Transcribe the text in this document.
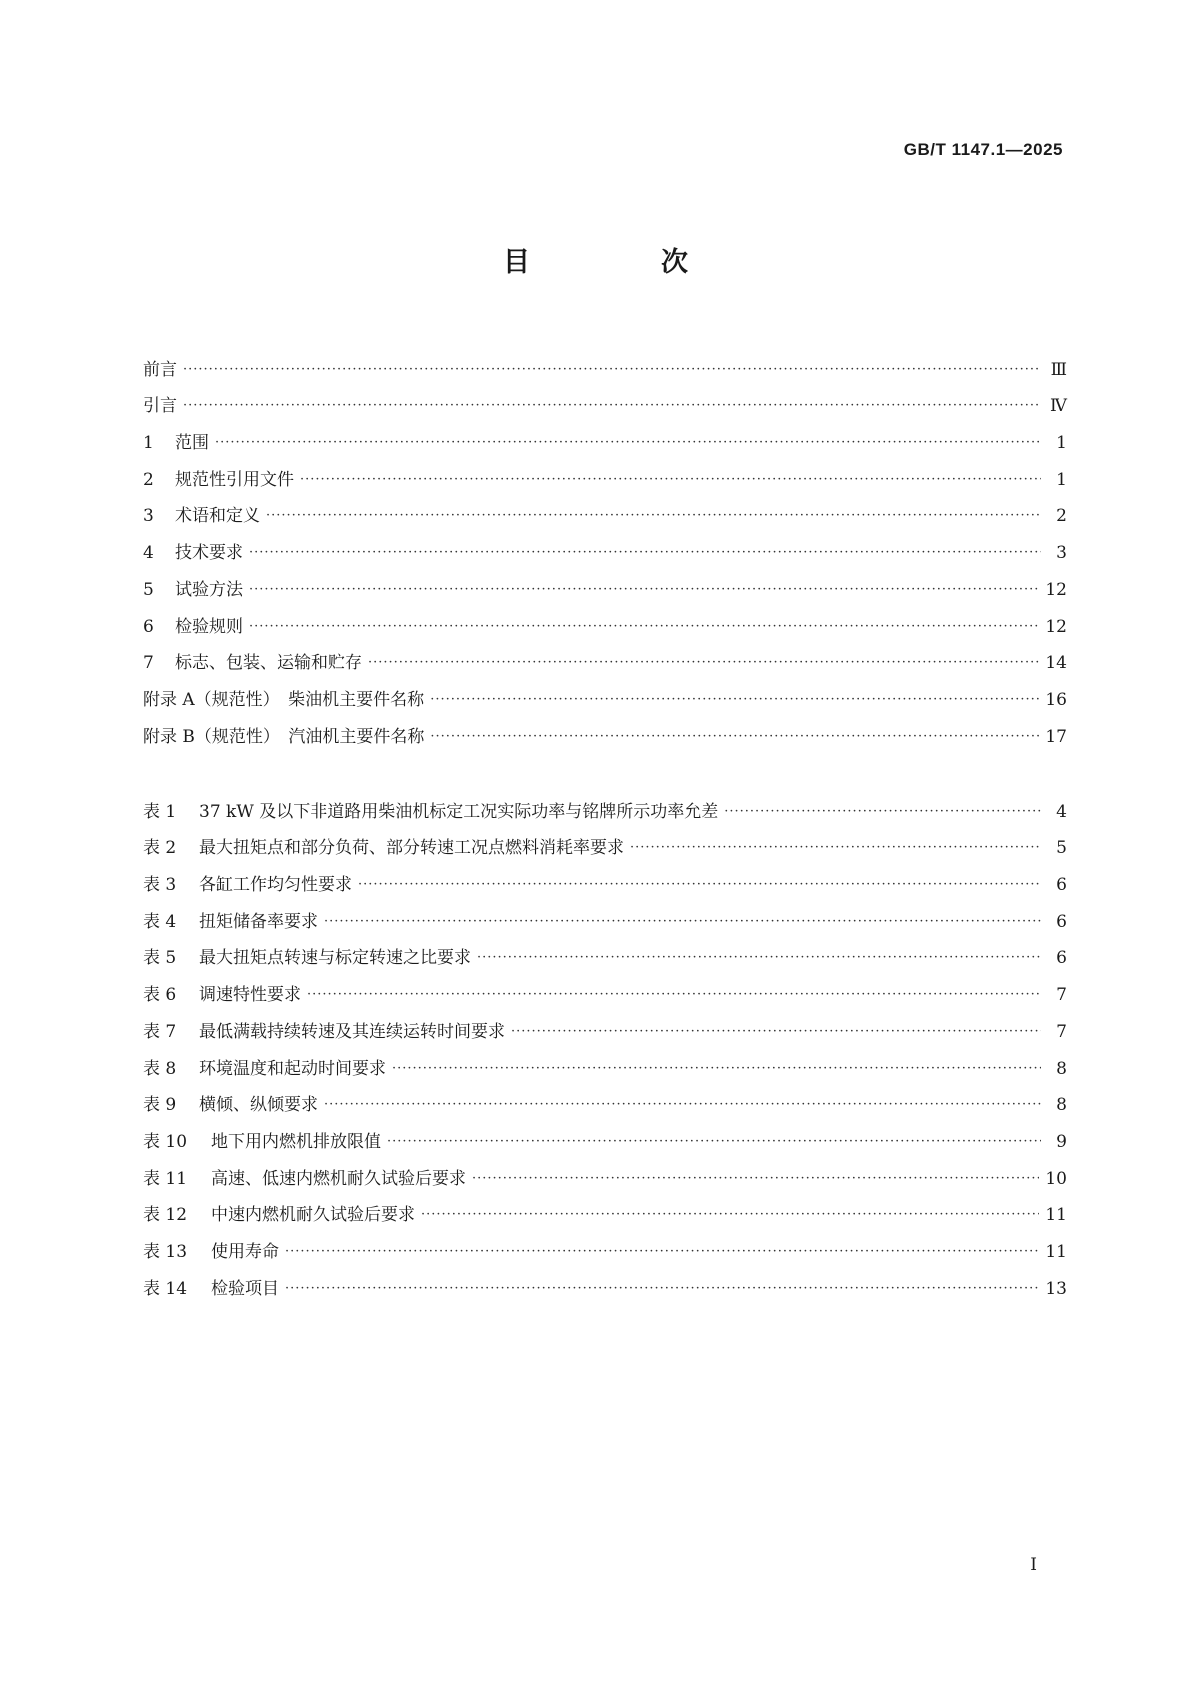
GB/T 1147.1—2025
目　次
前言 ·····	Ⅲ
引言 ·····	Ⅳ
1	范围 ·····	1
2	规范性引用文件 ·····	1
3	术语和定义 ·····	2
4	技术要求 ·····	3
5	试验方法 ·····	12
6	检验规则 ·····	12
7	标志、包装、运输和贮存 ·····	14
附录 A（规范性）　柴油机主要件名称 ·····	16
附录 B（规范性）　汽油机主要件名称 ·····	17
表 1	37 kW 及以下非道路用柴油机标定工况实际功率与铭牌所示功率允差 ·····	4
表 2	最大扭矩点和部分负荷、部分转速工况点燃料消耗率要求 ·····	5
表 3	各缸工作均匀性要求 ·····	6
表 4	扭矩储备率要求 ·····	6
表 5	最大扭矩点转速与标定转速之比要求 ·····	6
表 6	调速特性要求 ·····	7
表 7	最低满载持续转速及其连续运转时间要求 ·····	7
表 8	环境温度和起动时间要求 ·····	8
表 9	横倾、纵倾要求 ·····	8
表 10	地下用内燃机排放限值 ·····	9
表 11	高速、低速内燃机耐久试验后要求 ·····	10
表 12	中速内燃机耐久试验后要求 ·····	11
表 13	使用寿命 ·····	11
表 14	检验项目 ·····	13
Ⅰ
